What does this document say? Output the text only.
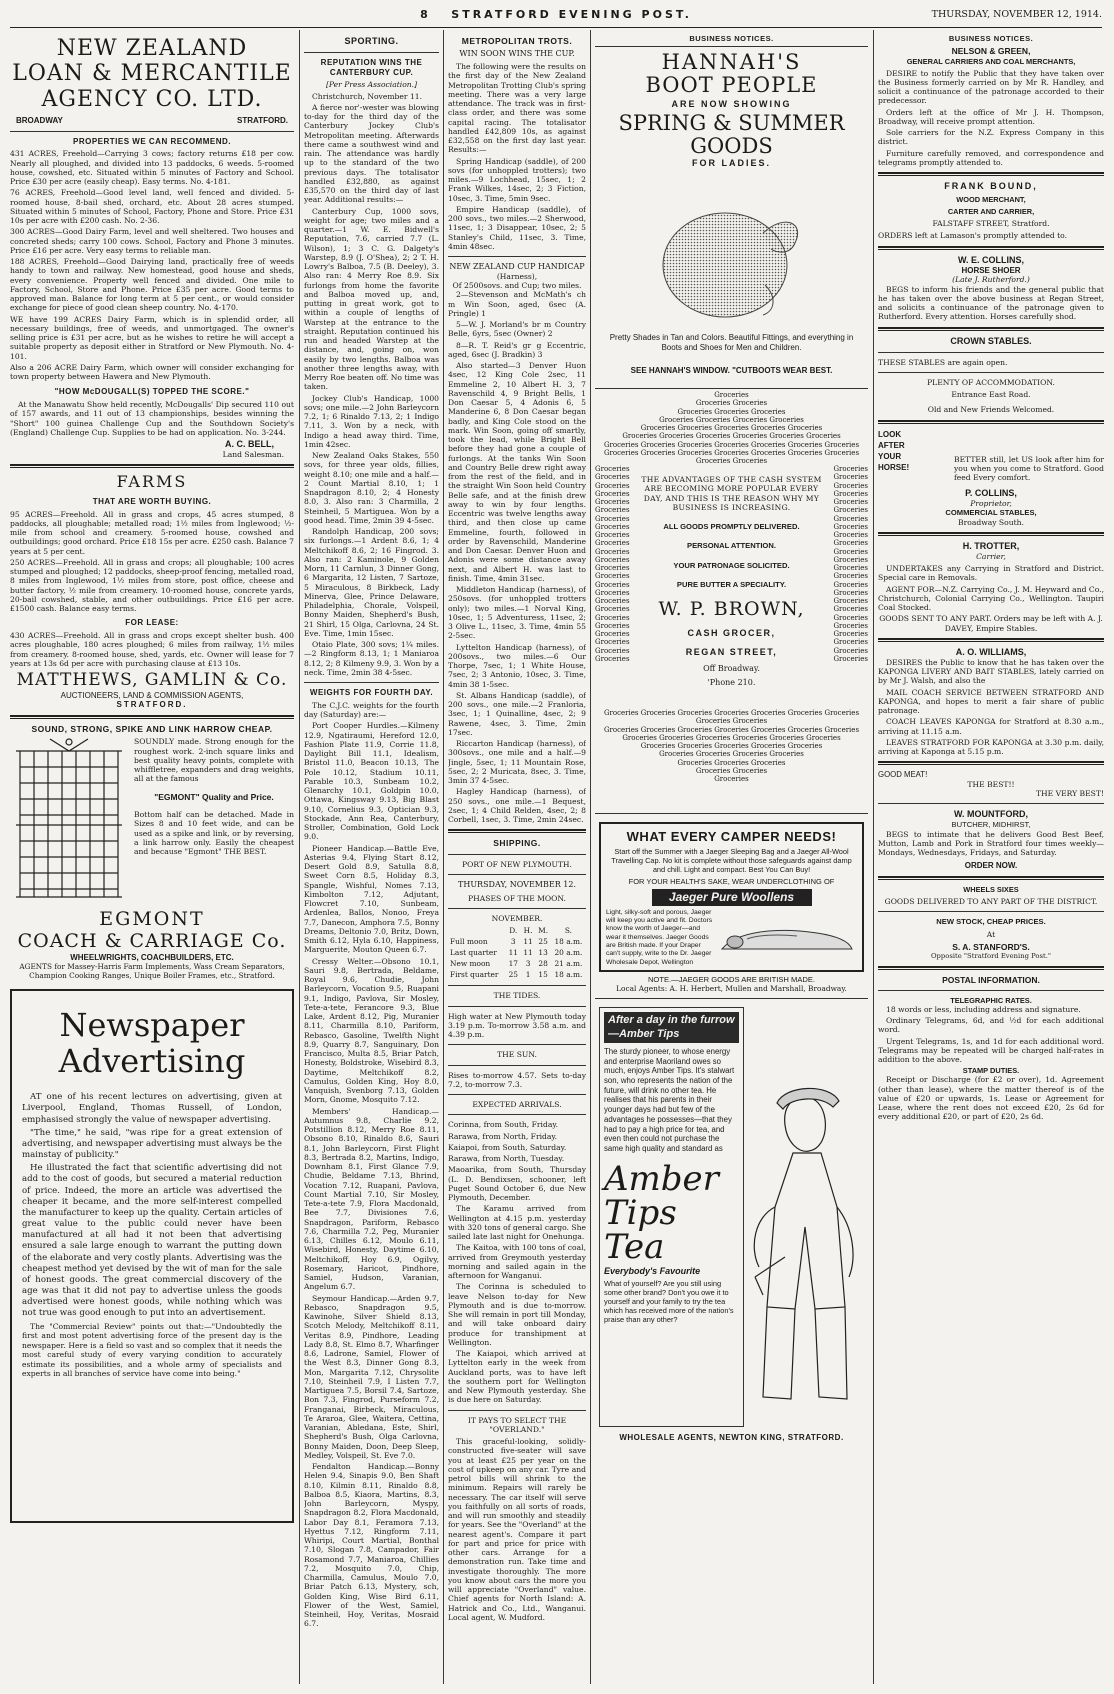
8 STRATFORD EVENING POST.	THURSDAY, NOVEMBER 12, 1914.
NEW ZEALAND
LOAN & MERCANTILE
AGENCY CO. LTD.
BROADWAY	STRATFORD.
PROPERTIES WE CAN RECOMMEND.

431 ACRES, Freehold—Carrying 3 cows; factory returns £18 per cow. Nearly all ploughed, and divided into 13 paddocks, 6 weeds. 5-roomed house, cowshed, etc. Situated within 5 minutes of Factory and School. Price £30 per acre (easily cheap). Easy terms. No. 4-181.

76 ACRES, Freehold—Good level land, well fenced and divided. 5-roomed house, 8-bail shed, orchard, etc. About 28 acres stumped. Situated within 5 minutes of School, Factory, Phone and Store. Price £31 10s per acre with £200 cash. No. 2-36.

300 ACRES—Good Dairy Farm, level and well sheltered. Two houses and concreted sheds; carry 100 cows. School, Factory and Phone 3 minutes. Price £16 per acre. Very easy terms to reliable man.

188 ACRES, Freehold—Good Dairying land, practically free of weeds handy to town and railway. New homestead, good house and sheds, every convenience. Property well fenced and divided. One mile to Factory, School, Store and Phone. Price £35 per acre. Good terms to approved man. Balance for long term at 5 per cent., or would consider exchange for piece of good clean sheep country. No. 4-170.

WE have 199 ACRES Dairy Farm, which is in splendid order, all necessary buildings, free of weeds, and unmortgaged. The owner's selling price is £31 per acre, but as he wishes to retire he will accept a suitable property as deposit either in Stratford or New Plymouth. No. 4-101.

Also a 206 ACRE Dairy Farm, which owner will consider exchanging for town property between Hawera and New Plymouth.

"HOW McDOUGALL(S) TOPPED THE SCORE."

At the Manawatu Show held recently, McDougalls' Dip secured 110 out of 157 awards, and 11 out of 13 championships, besides winning the "Short" 100 guinea Challenge Cup and the Southdown Society's (England) Challenge Cup. Supplies to be had on application. No. 3-244.

A. C. BELL,
Land Salesman.
FARMS
THAT ARE WORTH BUYING.

95 ACRES—Freehold. All in grass and crops, 45 acres stumped, 8 paddocks, all ploughable; metalled road; 1½ miles from Inglewood; ½-mile from school and creamery. 5-roomed house, cowshed and outbuildings; good orchard. Price £18 15s per acre. £250 cash. Balance 7 years at 5 per cent.

250 ACRES—Freehold. All in grass and crops; all ploughable; 100 acres stumped and ploughed; 12 paddocks, sheep-proof fencing, metalled road, 8 miles from Inglewood, 1½ miles from store, post office, cheese and butter factory, ½ mile from creamery. 10-roomed house, concrete yards, 20-bail cowshed, stable, and other outbuildings. Price £16 per acre. £1500 cash. Balance easy terms.

FOR LEASE:

430 ACRES—Freehold. All in grass and crops except shelter bush. 400 acres ploughable, 180 acres ploughed; 6 miles from railway, 1½ miles from creamery. 8-roomed house, shed, yards, etc. Owner will lease for 7 years at 13s 6d per acre with purchasing clause at £13 10s.

MATTHEWS, GAMLIN & Co.
AUCTIONEERS, LAND & COMMISSION AGENTS,
STRATFORD.
SOUND, STRONG, SPIKE AND LINK HARROW CHEAP.

SOUNDLY made. Strong enough for the roughest work. 2-inch square links and best quality heavy points, complete with whiffletree, expanders and drag weights, all at the famous

"EGMONT" Quality and Price.

Bottom half can be detached. Made in Sizes 8 and 10 feet wide, and can be used as a spike and link, or by reversing, a link harrow only. Easily the cheapest and because "Egmont" THE BEST.

EGMONT
COACH & CARRIAGE Co.
WHEELWRIGHTS, COACHBUILDERS, ETC.
AGENTS for Massey-Harris Farm Implements, Wass Cream Separators, Champion Cooking Ranges, Unique Boiler Frames, etc., Stratford.
Newspaper
Advertising

AT one of his recent lectures on advertising, given at Liverpool, England, Thomas Russell, of London, emphasised strongly the value of newspaper advertising.

"The time," he said, "was ripe for a great extension of advertising, and newspaper advertising must always be the mainstay of publicity."

He illustrated the fact that scientific advertising did not add to the cost of goods, but secured a material reduction of price. Indeed, the more an article was advertised the cheaper it became, and the more self-interest compelled the manufacturer to keep up the quality. Certain articles of great value to the public could never have been manufactured at all had it not been that advertising ensured a sale large enough to warrant the putting down of the elaborate and very costly plants. Advertising was the cheapest method yet devised by the wit of man for the sale of honest goods. The great commercial discovery of the age was that it did not pay to advertise unless the goods advertised were honest goods, while nothing which was not true was good enough to put into an advertisement.

The "Commercial Review" points out that:—"Undoubtedly the first and most potent advertising force of the present day is the newspaper. Here is a field so vast and so complex that it needs the most careful study of every varying condition to accurately estimate its possibilities, and a whole army of specialists and experts in all branches of service have come into being."

SPORTING.
REPUTATION WINS THE CANTERBURY CUP.
[Per Press Association.]

Christchurch, November 11.

A fierce nor'-wester was blowing to-day for the third day of the Canterbury Jockey Club's Metropolitan meeting. Afterwards there came a southwest wind and rain. The attendance was hardly up to the standard of the two previous days. The totalisator handled £32,880, as against £35,570 on the third day of last year. Additional results:—

Canterbury Cup, 1000 sovs, weight for age; two miles and a quarter.—1 W. E. Bidwell's Reputation, 7.6, carried 7.7 (L. Wilson), 1; 3 C. G. Dalgety's Warstep, 8.9 (J. O'Shea), 2; 2 T. H. Lowry's Balboa, 7.5 (B. Deeley), 3. Also ran: 4 Merry Roe 8.9. Six furlongs from home the favorite and Balboa moved up, and, putting in great work, got to within a couple of lengths of Warstep at the entrance to the straight. Reputation continued his run and headed Warstep at the distance, and, going on, won easily by two lengths. Balboa was another three lengths away, with Merry Roe beaten off. No time was taken.

Jockey Club's Handicap, 1000 sovs; one mile.—2 John Barleycorn 7.2, 1; 6 Rinaldo 7.13, 2; 1 Indigo 7.11, 3. Won by a neck, with Indigo a head away third. Time, 1min 42sec.

New Zealand Oaks Stakes, 550 sovs, for three year olds, fillies, weight 8.10; one mile and a half.—2 Count Martial 8.10, 1; 1 Snapdragon 8.10, 2; 4 Honesty 8.0, 3. Also ran: 3 Charmilla, 2 Steinheil, 5 Martiguea. Won by a good head. Time, 2min 39 4-5sec.

Randolph Handicap, 200 sovs; six furlongs.—1 Ardent 8.6, 1; 4 Meltchikoff 8.6, 2; 16 Fingrod. 3. Also ran: 2 Kaminole, 9 Golden Morn, 11 Carnlun, 3 Dinner Gong, 6 Margarita, 12 Listen, 7 Sartoze, 5 Miraculous, 8 Birkbeck, Lady Minerva, Glee, Prince Delaware, Philadelphia, Chorale, Volspeil, Bonny Maiden, Shepherd's Bush, 21 Shirl, 15 Olga, Carlovna, 24 St. Eve. Time, 1min 15sec.

Otaio Plate, 300 sovs; 1¼ miles.—2 Ringform 8.13, 1; 1 Maniaroa 8.12, 2; 8 Kilmeny 9.9, 3. Won by a neck. Time, 2min 38 4-5sec.

WEIGHTS FOR FOURTH DAY.

The C.J.C. weights for the fourth day (Saturday) are:—

Port Cooper Hurdles.—Kilmeny 12.9, Ngatiraumi, Hereford 12.0, Fashion Plate 11.9, Corrie 11.8, Daylight Bill 11.1, Idealism, Bristol 11.0, Beacon 10.13, The Pole 10.12, Stadium 10.11, Parable 10.3, Sunbeam 10.2, Glenarchy 10.1, Goldpin 10.0, Ottawa, Kingsway 9.13, Big Blast 9.10, Cornelius 9.3, Optician 9.3, Stockade, Ann Rea, Canterbury, Stroller, Combination, Gold Lock 9.0.

Pioneer Handicap.—Battle Eve, Asterias 9.4, Flying Start 8.12, Desert Gold 8.9, Satulla 8.8, Sweet Corn 8.5, Holiday 8.3, Spangle, Wishful, Nomes 7.13, Kimbolton 7.12, Adjutant, Flowcret 7.10, Sunbeam, Ardenlea, Ballos, Nonoo, Freya 7.7, Danecon, Amphora 7.5, Bonny Dreams, Deltonio 7.0, Britz, Down, Smith 6.12, Hyla 6.10, Happiness, Marguerite, Mouton Queen 6.7.

Cressy Welter.—Obsono 10.1, Sauri 9.8, Bertrada, Beldame, Royal 9.6, Chudie, John Barleycorn, Vocation 9.5, Ruapani 9.1, Indigo, Pavlova, Sir Mosley, Tete-a-tete, Ferancore 9.3, Blue Lake, Ardent 8.12, Pig, Muranier 8.11, Charmilla 8.10, Pariform, Rebasco, Gasoline, Twelfth Night 8.9, Quarry 8.7, Sanguinary, Don Francisco, Multa 8.5, Briar Patch, Honesty, Boldstroke, Wisebird 8.3, Daytime, Meltchikoff 8.2, Camulus, Golden King, Hoy 8.0, Vanquish, Svenborg 7.13, Golden Morn, Gnome, Mosquito 7.12.

Members' Handicap.—Autumnus 9.8, Charlie 9.2, Potstillion 8.12, Merry Roe 8.11, Obsono 8.10, Rinaldo 8.6, Sauri 8.1, John Barleycorn, First Flight 8.3, Bertrada 8.2, Martins, Indigo, Downham 8.1, First Glance 7.9, Chudie, Beldame 7.13, Bhrind, Vocation 7.12, Ruapani, Pavlova, Count Martial 7.10, Sir Mosley, Tete-a-tete 7.9, Flora Macdonald, Bee 7.7, Divisiones 7.6, Snapdragon, Pariform, Rebasco 7.6, Charmilla 7.2, Peg, Muranier 6.13, Chilles 6.12, Moulo 6.11, Wisebird, Honesty, Daytime 6.10, Meltchikoff, Hoy 6.9, Ogilvy, Rosemary, Haricot, Pindhore, Samiel, Hudson, Varanian, Angelum 6.7.

Seymour Handicap.—Arden 9.7, Rebasco, Snapdragon 9.5, Kawinohe, Silver Shield 8.13, Scotch Melody, Meltchikoff 8.11, Veritas 8.9, Pindhore, Leading Lady 8.8, St. Elmo 8.7, Wharfinger 8.6, Ladrone, Samiel, Flower of the West 8.3, Dinner Gong 8.3, Mon, Margarita 7.12, Chrysolite 7.10, Steinheil 7.9, I Listen 7.7, Martiguea 7.5, Borsil 7.4, Sartoze, Bon 7.3, Fingrod, Purseform 7.2, Franganai, Birbeck, Miraculous, Te Araroa, Glee, Waitera, Cettina, Varanian, Abledana, Este, Shirl, Shepherd's Bush, Olga Carlovna, Bonny Maiden, Doon, Deep Sleep, Medley, Volspeil, St. Eve 7.0.

Fendalton Handicap.—Bonny Helen 9.4, Sinapis 9.0, Ben Shaft 8.10, Kilmin 8.11, Rinaldo 8.8, Balboa 8.5, Kiaora, Martins, 8.3, John Barleycorn, Myspy, Snapdragon 8.2, Flora Macdonald, Labor Day 8.1, Feramora 7.13, Hyettus 7.12, Ringform 7.11, Whiripi, Court Martial, Bonthal 7.10, Slogan 7.8, Campador, Fair Rosamond 7.7, Maniaroa, Chillies 7.2, Mosquito 7.0, Chip, Charmilla, Camulus, Moulo 7.0, Briar Patch 6.13, Mystery, sch, Golden King, Wise Bird 6.11, Flower of the West, Samiel, Steinheil, Hoy, Veritas, Mosraid 6.7.

METROPOLITAN TROTS.
WIN SOON WINS THE CUP.

The following were the results on the first day of the New Zealand Metropolitan Trotting Club's spring meeting. There was a very large attendance. The track was in first-class order, and there was some capital racing. The totalisator handled £42,809 10s, as against £32,558 on the first day last year. Results:—

Spring Handicap (saddle), of 200 sovs (for unhoppled trotters); two miles.—9 Lochhead, 15sec, 1; 2 Frank Wilkes, 14sec, 2; 3 Fiction, 10sec, 3. Time, 5min 9sec.

Empire Handicap (saddle), of 200 sovs., two miles.—2 Sherwood, 11sec, 1; 3 Disappear, 10sec, 2; 5 Stanley's Child, 11sec, 3. Time, 4min 48sec.

NEW ZEALAND CUP HANDICAP
(Harness),
Of 2500sovs. and Cup; two miles.

2—Stevenson and McMath's ch m Win Soon, aged, 6sec (A. Pringle) 1

5—W. J. Morland's br m Country Belle, 6yrs, 5sec (Owner) 2

8—R. T. Reid's gr g Eccentric, aged, 6sec (J. Bradkin) 3

Also started—3 Denver Huon 4sec, 12 King Cole 2sec, 11 Emmeline 2, 10 Albert H. 3, 7 Ravenschild 4, 9 Bright Bells, 1 Don Caesar 5, 4 Adonis 6, 5 Manderine 6, 8 Don Caesar began badly, and King Cole stood on the mark. Win Soon, going off smartly, took the lead, while Bright Bell before they had gone a couple of furlongs. At the tanks Win Soon and Country Belle drew right away from the rest of the field, and in the straight Win Soon held Country Belle safe, and at the finish drew away to win by four lengths. Eccentric was twelve lengths away third, and then close up came Emmeline, fourth, followed in order by Ravenschild, Manderine and Don Caesar. Denver Huon and Adonis were some distance away next, and Albert H. was last to finish. Time, 4min 31sec.

Middleton Handicap (harness), of 250sovs. (for unhoppled trotters only); two miles.—1 Norval King, 10sec, 1; 5 Adventuress, 11sec, 2; 3 Olive L., 11sec, 3. Time, 4min 55 2-5sec.

Lyttelton Handicap (harness), of 200sovs., two miles.—6 Our Thorpe, 7sec, 1; 1 White House, 7sec, 2; 3 Antonio, 10sec, 3. Time, 4min 38 1-5sec.

St. Albans Handicap (saddle), of 200 sovs., one mile.—2 Franloria, 3sec, 1; 1 Quinalline, 4sec, 2; 9 Rawene, 4sec, 3. Time, 2min 17sec.

Riccarton Handicap (harness), of 300sovs., one mile and a half.—9 Jingle, 5sec, 1; 11 Mountain Rose, 5sec, 2; 2 Muricata, 8sec, 3. Time, 3min 37 4-5sec.

Hagley Handicap (harness), of 250 sovs., one mile.—1 Bequest, 2sec, 1; 4 Child Relden, 4sec, 2; 8 Corbell, 1sec, 3. Time, 2min 24sec.

SHIPPING.
PORT OF NEW PLYMOUTH.
THURSDAY, NOVEMBER 12.
PHASES OF THE MOON.
NOVEMBER.
	D.	H.	M.	S.
Full moon	3	11	25	18 a.m.
Last quarter	11	11	13	20 a.m.
New moon	17	3	28	21 a.m.
First quarter	25	1	15	18 a.m.
THE TIDES.

High water at New Plymouth today 3.19 p.m. To-morrow 3.58 a.m. and 4.39 p.m.

THE SUN.

Rises to-morrow 4.57. Sets to-day 7.2, to-morrow 7.3.

EXPECTED ARRIVALS.

Corinna, from South, Friday.

Rarawa, from North, Friday.

Kaiapoi, from South, Saturday.

Rarawa, from North, Tuesday.

Maoarika, from South, Thursday (L. D. Bendixsen, schooner, left Puget Sound October 6, due New Plymouth, December.

The Karamu arrived from Wellington at 4.15 p.m. yesterday with 320 tons of general cargo. She sailed late last night for Onehunga.

The Kaitoa, with 100 tons of coal, arrived from Greymouth yesterday morning and sailed again in the afternoon for Wanganui.

The Corinna is scheduled to leave Nelson to-day for New Plymouth and is due to-morrow. She will remain in port till Monday, and will take onboard dairy produce for transhipment at Wellington.

The Kaiapoi, which arrived at Lyttelton early in the week from Auckland ports, was to have left the southern port for Wellington and New Plymouth yesterday. She is due here on Saturday.

IT PAYS TO SELECT THE "OVERLAND."

This graceful-looking, solidly-constructed five-seater will save you at least £25 per year on the cost of upkeep on any car. Tyre and petrol bills will shrink to the minimum. Repairs will rarely be necessary. The car itself will serve you faithfully on all sorts of roads, and will run smoothly and steadily for years. See the "Overland" at the nearest agent's. Compare it part for part and price for price with other cars. Arrange for a demonstration run. Take time and investigate thoroughly. The more you know about cars the more you will appreciate "Overland" value. Chief agents for North Island: A. Hatrick and Co., Ltd., Wanganui. Local agent, W. Mudford.

BUSINESS NOTICES.
HANNAH'S
BOOT PEOPLE
ARE NOW SHOWING
SPRING & SUMMER
GOODS
FOR LADIES.
Pretty Shades in Tan and Colors. Beautiful Fittings, and everything in Boots and Shoes for Men and Children.
SEE HANNAH'S WINDOW. "CUTBOOTS WEAR BEST.
Groceries
Groceries Groceries
Groceries Groceries Groceries
Groceries Groceries Groceries Groceries
Groceries Groceries Groceries Groceries Groceries
Groceries Groceries Groceries Groceries Groceries Groceries
Groceries Groceries Groceries Groceries Groceries Groceries Groceries
Groceries Groceries Groceries Groceries Groceries Groceries Groceries Groceries Groceries
Groceries
Groceries
Groceries
Groceries
Groceries
Groceries
Groceries
Groceries
Groceries
Groceries
Groceries
Groceries
Groceries
Groceries
Groceries
Groceries
Groceries
Groceries
Groceries
Groceries
Groceries
Groceries
Groceries
Groceries
Groceries
Groceries
Groceries
Groceries
Groceries
Groceries
Groceries
Groceries
Groceries
Groceries
Groceries
Groceries
Groceries
Groceries
Groceries
Groceries
Groceries
Groceries
Groceries
Groceries
Groceries
Groceries
Groceries
Groceries
THE ADVANTAGES OF THE CASH SYSTEM ARE BECOMING MORE POPULAR EVERY DAY, AND THIS IS THE REASON WHY MY BUSINESS IS INCREASING.
ALL GOODS PROMPTLY DELIVERED.
PERSONAL ATTENTION.
YOUR PATRONAGE SOLICITED.
PURE BUTTER A SPECIALITY.
W. P. BROWN,
CASH GROCER,
REGAN STREET,
Off Broadway.
'Phone 210.
Groceries Groceries Groceries Groceries Groceries Groceries Groceries Groceries Groceries
Groceries Groceries Groceries Groceries Groceries Groceries Groceries
Groceries Groceries Groceries Groceries Groceries Groceries
Groceries Groceries Groceries Groceries Groceries
Groceries Groceries Groceries Groceries
Groceries Groceries Groceries
Groceries Groceries
Groceries
WHAT EVERY CAMPER NEEDS!
Start off the Summer with a Jaeger Sleeping Bag and a Jaeger All-Wool Travelling Cap. No kit is complete without those safeguards against damp and chill. Light and compact. Best You Can Buy!
FOR YOUR HEALTH'S SAKE, WEAR UNDERCLOTHING OF
Jaeger Pure Woollens
Light, silky-soft and porous, Jaeger will keep you active and fit. Doctors know the worth of Jaeger—and wear it themselves. Jaeger Goods are British made. If your Draper can't supply, write to the Dr. Jaeger Wholesale Depot, Wellington
NOTE.—JAEGER GOODS ARE BRITISH MADE.
Local Agents: A. H. Herbert, Mullen and Marshall, Broadway.
After a day in the furrow—Amber Tips
The sturdy pioneer, to whose energy and enterprise Maoriland owes so much, enjoys Amber Tips. It's stalwart son, who represents the nation of the future, will drink no other tea. He realises that his parents in their younger days had but few of the advantages he possesses—that they had to pay a high price for tea, and even then could not purchase the same high quality and standard as
Amber Tips Tea
Everybody's Favourite
What of yourself? Are you still using some other brand? Don't you owe it to yourself and your family to try the tea which has received more of the nation's praise than any other?
WHOLESALE AGENTS, NEWTON KING, STRATFORD.
BUSINESS NOTICES.
NELSON & GREEN,
GENERAL CARRIERS AND COAL MERCHANTS,

DESIRE to notify the Public that they have taken over the Business formerly carried on by Mr R. Handley, and solicit a continuance of the patronage accorded to their predecessor.

Orders left at the office of Mr J. H. Thompson, Broadway, will receive prompt attention.

Sole carriers for the N.Z. Express Company in this district.

Furniture carefully removed, and correspondence and telegrams promptly attended to.

FRANK BOUND,
WOOD MERCHANT,
CARTER AND CARRIER,
FALSTAFF STREET, Stratford.

ORDERS left at Lamason's promptly attended to.

W. E. COLLINS,
HORSE SHOER
(Late J. Rutherford.)

BEGS to inform his friends and the general public that he has taken over the above business at Regan Street, and solicits a continuance of the patronage given to Rutherford. Every attention. Horses carefully shod.

CROWN STABLES.

THESE STABLES are again open.

PLENTY OF ACCOMMODATION.
Entrance East Road.
Old and New Friends Welcomed.
LOOK
AFTER
YOUR
HORSE!

BETTER still, let US look after him for you when you come to Stratford. Good feed Every comfort.

P. COLLINS,
Proprietor,
COMMERCIAL STABLES,
Broadway South.
H. TROTTER,
Carrier,

UNDERTAKES any Carrying in Stratford and District. Special care in Removals.

AGENT FOR—N.Z. Carrying Co., J. M. Heyward and Co., Christchurch, Colonial Carrying Co., Wellington. Taupiri Coal Stocked.

GOODS SENT TO ANY PART. Orders may be left with A. J. DAVEY, Empire Stables.

A. O. WILLIAMS,

DESIRES the Public to know that he has taken over the KAPONGA LIVERY AND BAIT STABLES, lately carried on by Mr J. Walsh, and also the

MAIL COACH SERVICE BETWEEN STRATFORD AND KAPONGA, and hopes to merit a fair share of public patronage.

COACH LEAVES KAPONGA for Stratford at 8.30 a.m., arriving at 11.15 a.m.

LEAVES STRATFORD FOR KAPONGA at 3.30 p.m. daily, arriving at Kaponga at 5.15 p.m.

GOOD MEAT!
THE BEST!!
THE VERY BEST!
W. MOUNTFORD,
BUTCHER, MIDHIRST,

BEGS to intimate that he delivers Good Best Beef, Mutton, Lamb and Pork in Stratford four times weekly—Mondays, Wednesdays, Fridays, and Saturday.

ORDER NOW.
WHEELS SIXES

GOODS DELIVERED TO ANY PART OF THE DISTRICT.

NEW STOCK, CHEAP PRICES.
At
S. A. STANFORD'S.
Opposite "Stratford Evening Post."
POSTAL INFORMATION.
TELEGRAPHIC RATES.

18 words or less, including address and signature.

Ordinary Telegrams, 6d, and ½d for each additional word.

Urgent Telegrams, 1s, and 1d for each additional word. Telegrams may be repeated will be charged half-rates in addition to the above.

STAMP DUTIES.

Receipt or Discharge (for £2 or over), 1d. Agreement (other than lease), where the matter thereof is of the value of £20 or upwards, 1s. Lease or Agreement for Lease, where the rent does not exceed £20, 2s 6d for every additional £20, or part of £20, 2s 6d.
